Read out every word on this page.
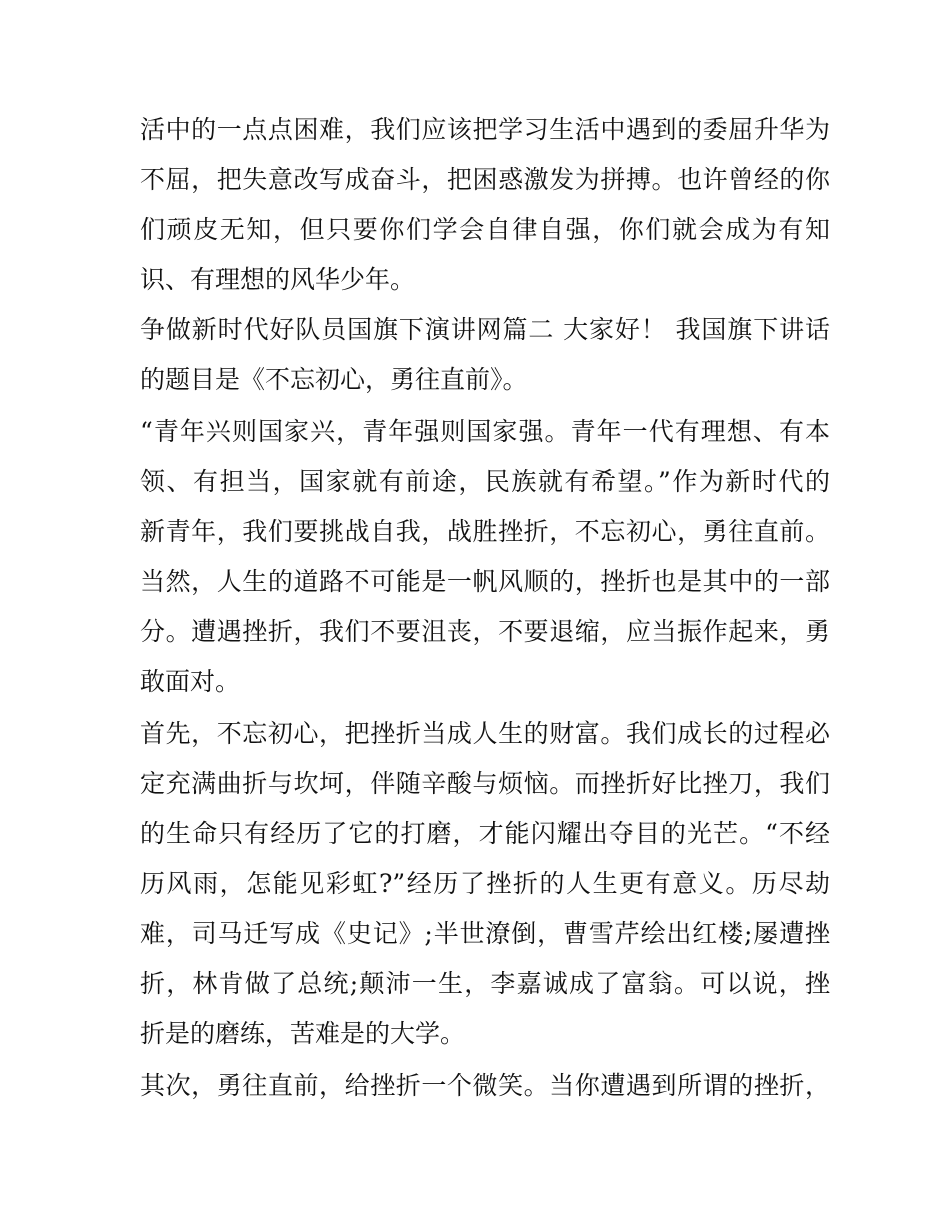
活中的一点点困难，我们应该把学习生活中遇到的委屈升华为
不屈，把失意改写成奋斗，把困惑激发为拼搏。也许曾经的你
们顽皮无知，但只要你们学会自律自强，你们就会成为有知
识、有理想的风华少年。
争做新时代好队员国旗下演讲网篇二 大家好！ 我国旗下讲话
的题目是《不忘初心，勇往直前》。
“青年兴则国家兴，青年强则国家强。青年一代有理想、有本
领、有担当，国家就有前途，民族就有希望。”作为新时代的
新青年，我们要挑战自我，战胜挫折，不忘初心，勇往直前。
当然，人生的道路不可能是一帆风顺的，挫折也是其中的一部
分。遭遇挫折，我们不要沮丧，不要退缩，应当振作起来，勇
敢面对。
首先，不忘初心，把挫折当成人生的财富。我们成长的过程必
定充满曲折与坎坷，伴随辛酸与烦恼。而挫折好比挫刀，我们
的生命只有经历了它的打磨，才能闪耀出夺目的光芒。“不经
历风雨，怎能见彩虹?”经历了挫折的人生更有意义。历尽劫
难，司马迁写成《史记》;半世潦倒，曹雪芹绘出红楼;屡遭挫
折，林肯做了总统;颠沛一生，李嘉诚成了富翁。可以说，挫
折是的磨练，苦难是的大学。
其次，勇往直前，给挫折一个微笑。当你遭遇到所谓的挫折，
